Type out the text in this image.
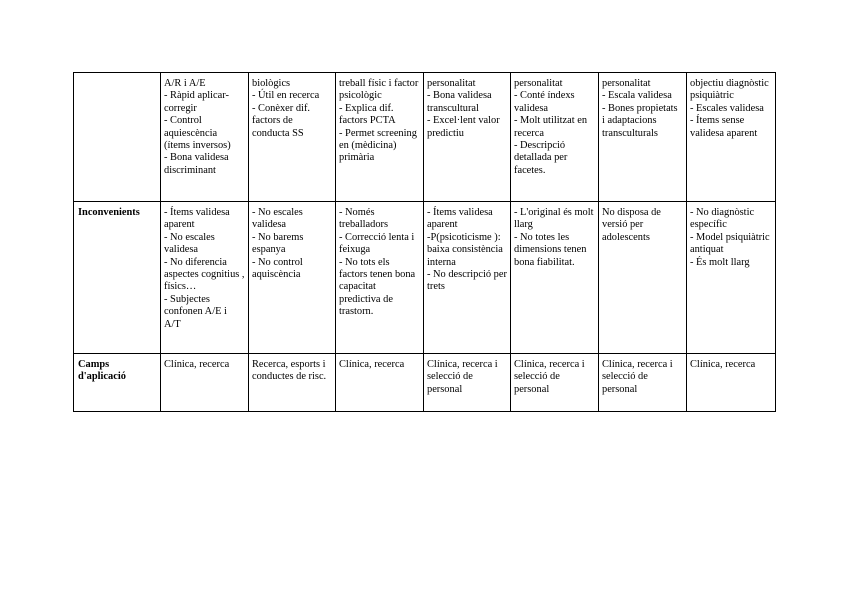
	A/R i A/E
- Ràpid aplicar-corregir
- Control aquiescència (ítems inversos)
- Bona validesa discriminant	biològics
- Útil en recerca
- Conèxer dif. factors de conducta SS	treball físic i factor psicològic
- Explica dif. factors PCTA
- Permet screening en (mèdicina) primària	personalitat
- Bona validesa transcultural
- Excel·lent valor predictiu	personalitat
- Conté índexs validesa
- Molt utilitzat en recerca
- Descripció detallada per facetes.	personalitat
- Escala validesa
- Bones propietats i adaptacions transculturals	objectiu diagnòstic psiquiàtric
- Escales validesa
- Ítems sense validesa aparent
Inconvenients	- Ítems validesa aparent
- No escales validesa
- No diferencia aspectes cognitius , físics…
- Subjectes confonen A/E i A/T	- No escales validesa
- No barems espanya
- No control aquiscència	- Només treballadors
- Correcció lenta i feixuga
- No tots els factors tenen bona capacitat predictiva de trastorn.	- Ítems validesa aparent
-P(psicoticisme ): baixa consistència interna
- No descripció per trets	- L'original és molt llarg
- No totes les dimensions tenen bona fiabilitat.	No disposa de versió per adolescents	- No diagnòstic específic
- Model psiquiàtric antiquat
- És molt llarg
Camps d'aplicació	Clínica, recerca	Recerca, esports i conductes de risc.	Clínica, recerca	Clínica, recerca i selecció de personal	Clínica, recerca i selecció de personal	Clínica, recerca i selecció de personal	Clínica, recerca
